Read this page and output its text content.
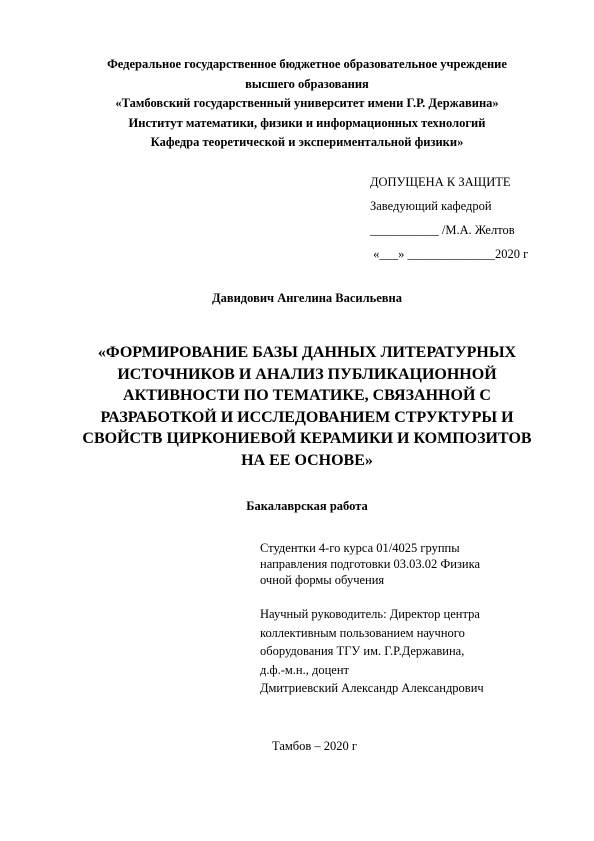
Федеральное государственное бюджетное образовательное учреждение
высшего образования
«Тамбовский государственный университет имени Г.Р. Державина»
Институт математики, физики и информационных технологий
Кафедра теоретической и экспериментальной физики»
ДОПУЩЕНА К ЗАЩИТЕ
Заведующий кафедрой
___________ /М.А. Желтов
«___» ______________2020 г
Давидович Ангелина Васильевна
«ФОРМИРОВАНИЕ БАЗЫ ДАННЫХ ЛИТЕРАТУРНЫХ
ИСТОЧНИКОВ И АНАЛИЗ ПУБЛИКАЦИОННОЙ
АКТИВНОСТИ ПО ТЕМАТИКЕ, СВЯЗАННОЙ С
РАЗРАБОТКОЙ И ИССЛЕДОВАНИЕМ СТРУКТУРЫ И
СВОЙСТВ ЦИРКОНИЕВОЙ КЕРАМИКИ И КОМПОЗИТОВ
НА ЕЕ ОСНОВЕ»
Бакалаврская работа
Студентки 4-го курса 01/4025 группы
направления подготовки 03.03.02 Физика
очной формы обучения
Научный руководитель: Директор центра
коллективным пользованием научного
оборудования ТГУ им. Г.Р.Державина,
д.ф.-м.н., доцент
Дмитриевский Александр Александрович
Тамбов – 2020 г
